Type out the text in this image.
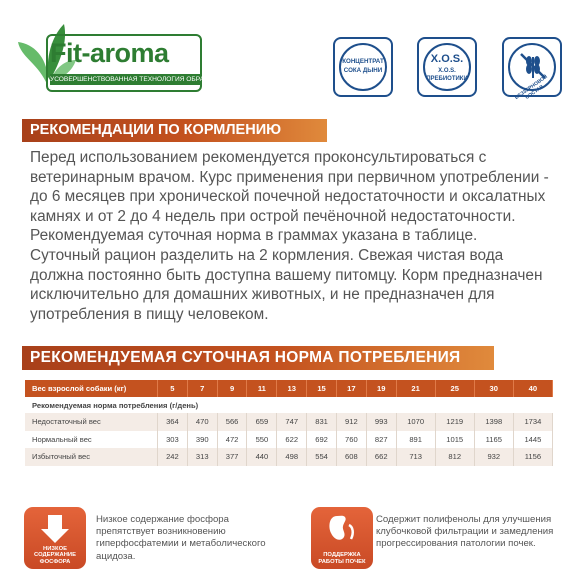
Fit-aroma
УСОВЕРШЕНСТВОВАННАЯ ТЕХНОЛОГИЯ ОБРАБОТКИ
КОНЦЕНТРАТ
СОКА ДЫНИ
X.O.S.
X.O.S.
ПРЕБИОТИКИ	БЕЗЗЕРНОВОЙ СОСТАВ
РЕКОМЕНДАЦИИ ПО КОРМЛЕНИЮ
Перед использованием рекомендуется проконсультироваться с ветеринарным врачом. Курс применения при первичном употреблении - до 6 месяцев при хронической почечной недостаточности и оксалатных камнях и от 2 до 4 недель при острой печёночной недостаточности. Рекомендуемая суточная норма в граммах указана в таблице. Суточный рацион разделить на 2 кормления. Свежая чистая вода должна постоянно быть доступна вашему питомцу. Корм предназначен исключительно для домашних животных, и не предназначен для употребления в пищу человеком.
РЕКОМЕНДУЕМАЯ СУТОЧНАЯ НОРМА ПОТРЕБЛЕНИЯ
Вес взрослой собаки (кг)	5	7	9	11	13	15	17	19	21	25	30	40
Рекомендуемая норма потребления (г/день)												
Недостаточный вес	364	470	566	659	747	831	912	993	1070	1219	1398	1734
Нормальный вес	303	390	472	550	622	692	760	827	891	1015	1165	1445
Избыточный вес	242	313	377	440	498	554	608	662	713	812	932	1156
НИЗКОЕ СОДЕРЖАНИЕ ФОСФОРА
Низкое содержание фосфора препятствует возникновению гиперфосфатемии и метаболического ацидоза.	ПОДДЕРЖКА РАБОТЫ ПОЧЕК
Содержит полифенолы для улучшения клубочковой фильтрации и замедления прогрессирования патологии почек.
